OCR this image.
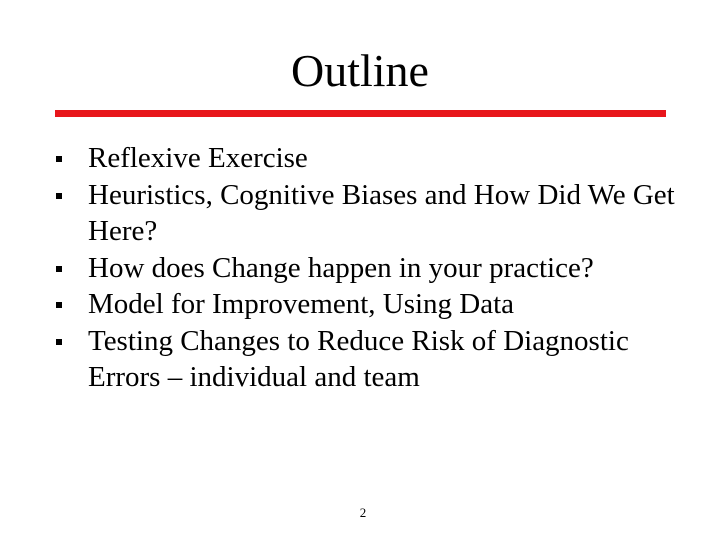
Outline
Reflexive Exercise
Heuristics, Cognitive Biases and How Did We Get Here?
How does Change happen in your practice?
Model for Improvement, Using Data
Testing Changes to Reduce Risk of Diagnostic Errors – individual and team
2
